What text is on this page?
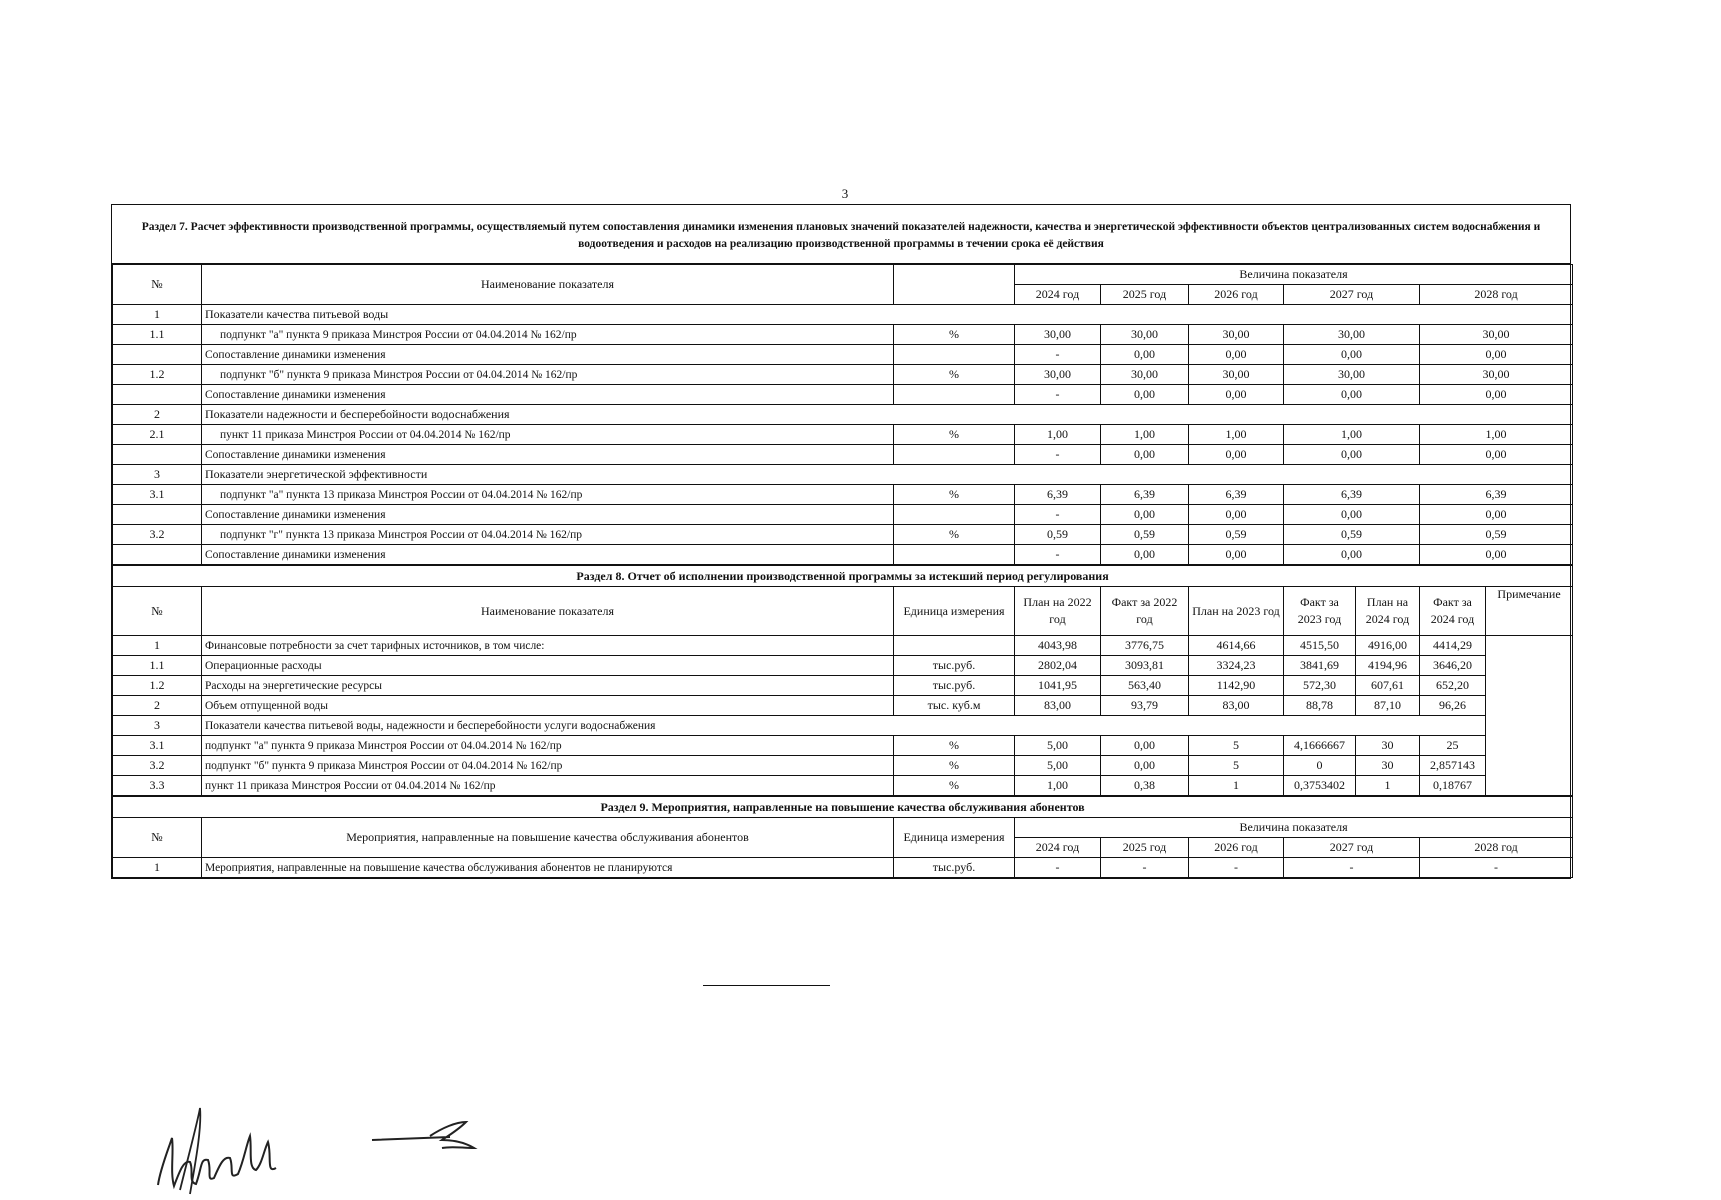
3
Раздел 7. Расчет эффективности производственной программы, осуществляемый путем сопоставления динамики изменения плановых значений показателей надежности, качества и энергетической эффективности объектов централизованных систем водоснабжения и водоотведения и расходов на реализацию производственной программы в течении срока её действия
№	Наименование показателя		Величина показателя				
			2024 год	2025 год	2026 год	2027 год	2028 год
1	Показатели качества питьевой воды						
1.1	подпункт "а" пункта 9 приказа Минстроя России от 04.04.2014 № 162/пр	%	30,00	30,00	30,00	30,00	30,00
	Сопоставление динамики изменения		-	0,00	0,00	0,00	0,00
1.2	подпункт "б" пункта 9 приказа Минстроя России от 04.04.2014 № 162/пр	%	30,00	30,00	30,00	30,00	30,00
	Сопоставление динамики изменения		-	0,00	0,00	0,00	0,00
2	Показатели надежности и бесперебойности водоснабжения						
2.1	пункт 11 приказа Минстроя России от 04.04.2014 № 162/пр	%	1,00	1,00	1,00	1,00	1,00
	Сопоставление динамики изменения		-	0,00	0,00	0,00	0,00
3	Показатели энергетической эффективности						
3.1	подпункт "а" пункта 13 приказа Минстроя России от 04.04.2014 № 162/пр	%	6,39	6,39	6,39	6,39	6,39
	Сопоставление динамики изменения		-	0,00	0,00	0,00	0,00
3.2	подпункт "г" пункта 13 приказа Минстроя России от 04.04.2014 № 162/пр	%	0,59	0,59	0,59	0,59	0,59
	Сопоставление динамики изменения		-	0,00	0,00	0,00	0,00
Раздел 8. Отчет об исполнении производственной программы за истекший период регулирования									
№	Наименование показателя	Единица измерения	План на 2022 год	Факт за 2022 год	План на 2023 год	Факт за 2023 год	План на 2024 год	Факт за 2024 год	Примечание
1	Финансовые потребности за счет тарифных источников, в том числе:		4043,98	3776,75	4614,66	4515,50	4916,00	4414,29	
1.1	Операционные расходы	тыс.руб.	2802,04	3093,81	3324,23	3841,69	4194,96	3646,20	
1.2	Расходы на энергетические ресурсы	тыс.руб.	1041,95	563,40	1142,90	572,30	607,61	652,20	
2	Объем отпущенной воды	тыс. куб.м	83,00	93,79	83,00	88,78	87,10	96,26	
3	Показатели качества питьевой воды, надежности и бесперебойности услуги водоснабжения								
3.1	подпункт "а" пункта 9 приказа Минстроя России от 04.04.2014 № 162/пр	%	5,00	0,00	5	4,1666667	30	25	
3.2	подпункт "б" пункта 9 приказа Минстроя России от 04.04.2014 № 162/пр	%	5,00	0,00	5	0	30	2,857143	
3.3	пункт 11 приказа Минстроя России от 04.04.2014 № 162/пр	%	1,00	0,38	1	0,3753402	1	0,18767	
Раздел 9. Мероприятия, направленные на повышение качества обслуживания абонентов							
№	Мероприятия, направленные на повышение качества обслуживания абонентов	Единица измерения	Величина показателя				
			2024 год	2025 год	2026 год	2027 год	2028 год
1	Мероприятия, направленные на повышение качества обслуживания абонентов не планируются	тыс.руб.	-	-	-	-	-
